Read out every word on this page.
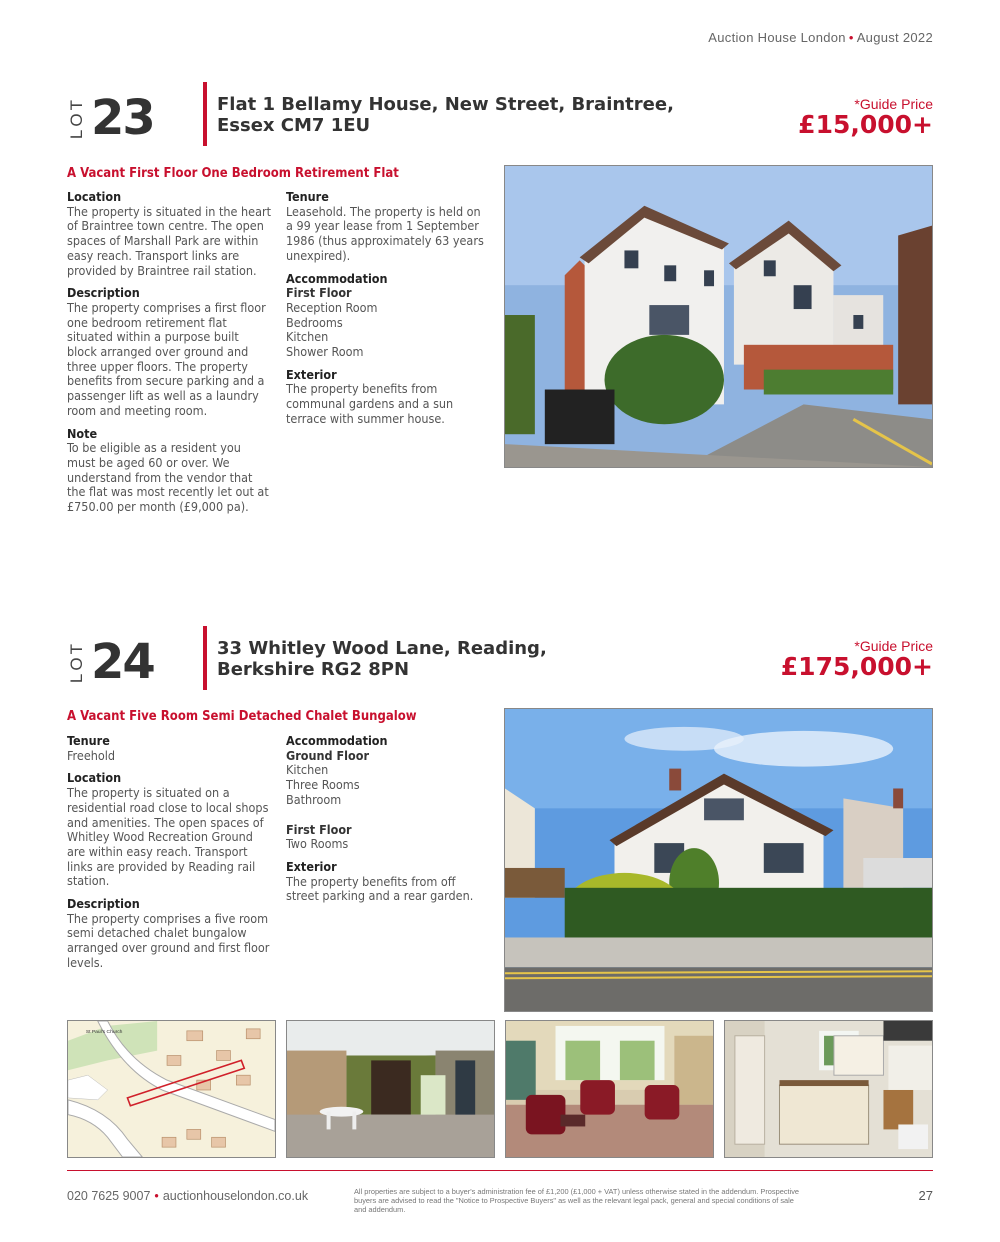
Auction House London • August 2022
LOT 23	Flat 1 Bellamy House, New Street, Braintree,
Essex CM7 1EU
*Guide Price
£15,000+
A Vacant First Floor One Bedroom Retirement Flat
Location

The property is situated in the heart
of Braintree town centre. The open
spaces of Marshall Park are within
easy reach. Transport links are
provided by Braintree rail station.

Description

The property comprises a first floor
one bedroom retirement flat
situated within a purpose built
block arranged over ground and
three upper floors. The property
benefits from secure parking and a
passenger lift as well as a laundry
room and meeting room.

Note

To be eligible as a resident you
must be aged 60 or over. We
understand from the vendor that
the flat was most recently let out at
£750.00 per month (£9,000 pa).

Tenure

Leasehold. The property is held on
a 99 year lease from 1 September
1986 (thus approximately 63 years
unexpired).

Accommodation
First Floor

Reception Room
Bedrooms
Kitchen
Shower Room

Exterior

The property benefits from
communal gardens and a sun
terrace with summer house.

LOT 24	33 Whitley Wood Lane, Reading,
Berkshire RG2 8PN
*Guide Price
£175,000+
A Vacant Five Room Semi Detached Chalet Bungalow
Tenure

Freehold

Location

The property is situated on a
residential road close to local shops
and amenities. The open spaces of
Whitley Wood Recreation Ground
are within easy reach. Transport
links are provided by Reading rail
station.

Description

The property comprises a five room
semi detached chalet bungalow
arranged over ground and first floor
levels.

Accommodation
Ground Floor

Kitchen
Three Rooms
Bathroom

First Floor

Two Rooms

Exterior

The property benefits from off
street parking and a rear garden.

St Paul's Church
020 7625 9007 • auctionhouselondon.co.uk	All properties are subject to a buyer's administration fee of £1,200 (£1,000 + VAT) unless otherwise stated in the addendum. Prospective
buyers are advised to read the "Notice to Prospective Buyers" as well as the relevant legal pack, general and special conditions of sale
and addendum.
27
